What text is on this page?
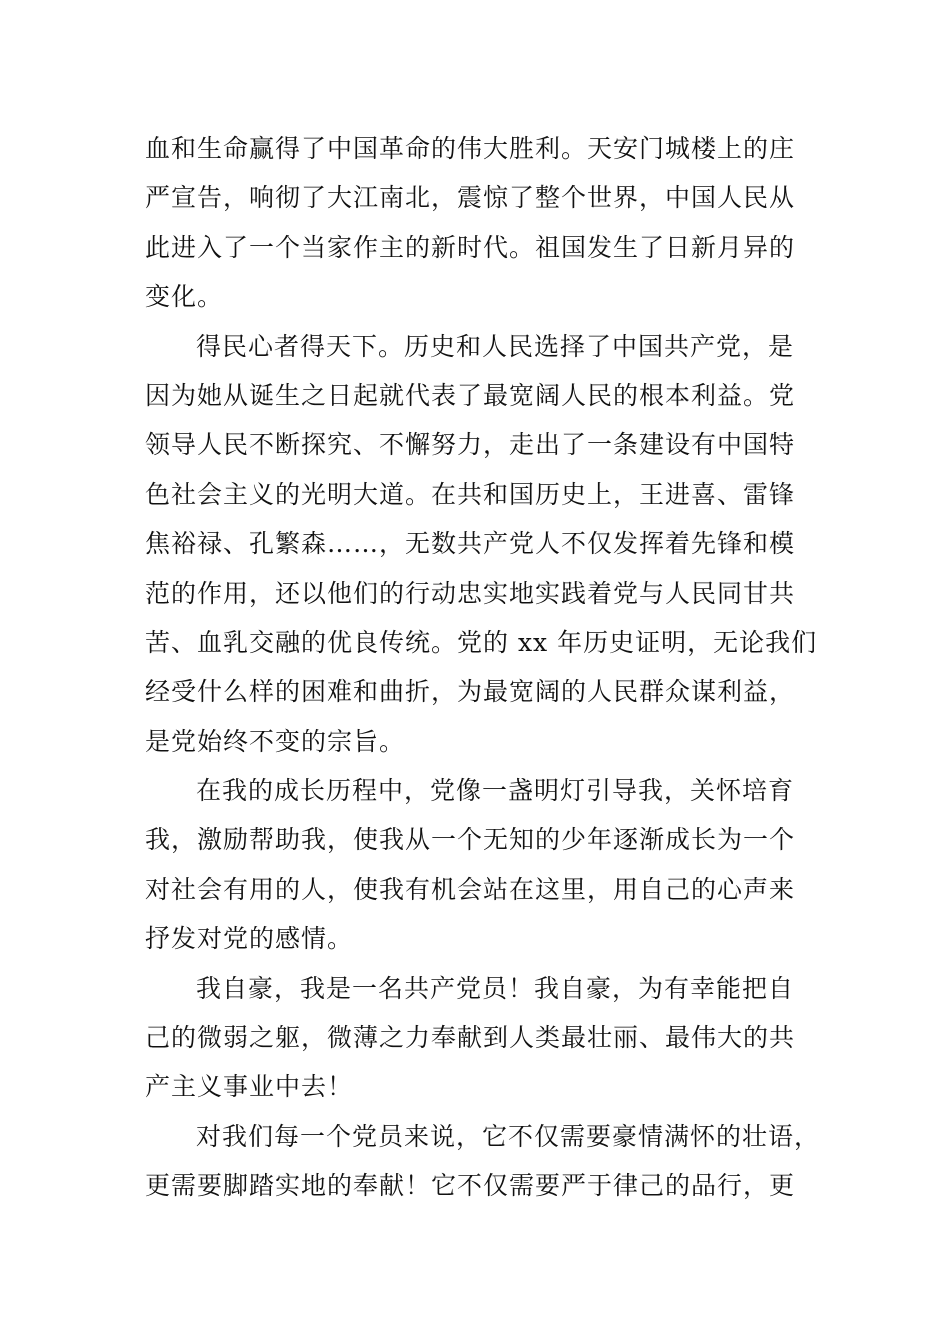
血和生命赢得了中国革命的伟大胜利。天安门城楼上的庄
严宣告，响彻了大江南北，震惊了整个世界，中国人民从
此进入了一个当家作主的新时代。祖国发生了日新月异的
变化。
得民心者得天下。历史和人民选择了中国共产党，是
因为她从诞生之日起就代表了最宽阔人民的根本利益。党
领导人民不断探究、不懈努力，走出了一条建设有中国特
色社会主义的光明大道。在共和国历史上，王进喜、雷锋
焦裕禄、孔繁森……，无数共产党人不仅发挥着先锋和模
范的作用，还以他们的行动忠实地实践着党与人民同甘共
苦、血乳交融的优良传统。党的 xx 年历史证明，无论我们
经受什么样的困难和曲折，为最宽阔的人民群众谋利益，
是党始终不变的宗旨。
在我的成长历程中，党像一盏明灯引导我，关怀培育
我，激励帮助我，使我从一个无知的少年逐渐成长为一个
对社会有用的人，使我有机会站在这里，用自己的心声来
抒发对党的感情。
我自豪，我是一名共产党员！我自豪，为有幸能把自
己的微弱之躯，微薄之力奉献到人类最壮丽、最伟大的共
产主义事业中去！
对我们每一个党员来说，它不仅需要豪情满怀的壮语，
更需要脚踏实地的奉献！它不仅需要严于律己的品行，更
